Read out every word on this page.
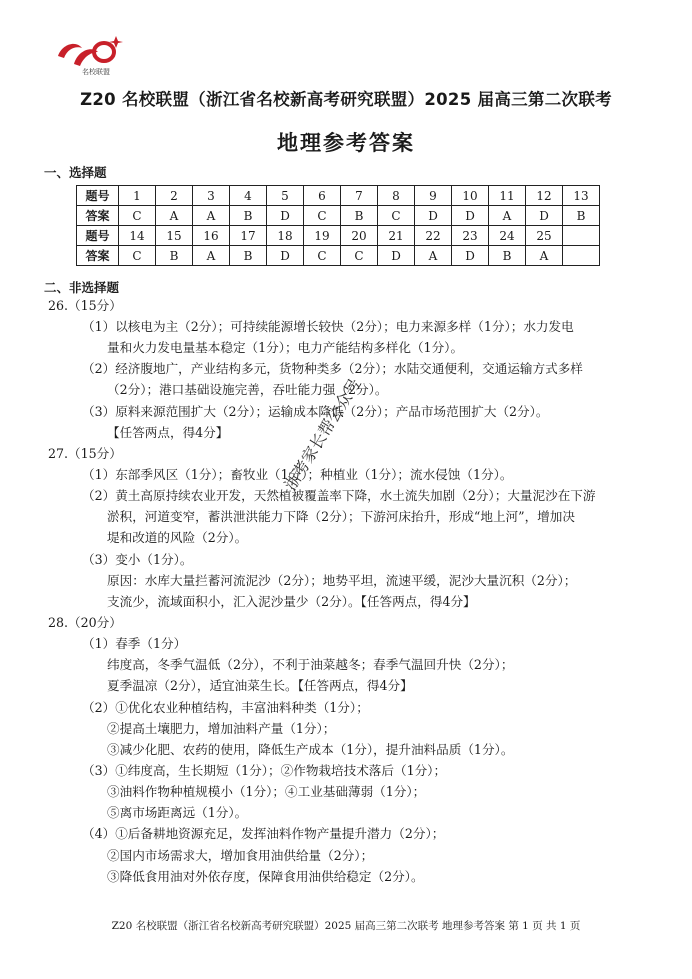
名校联盟
Z20 名校联盟（浙江省名校新高考研究联盟）2025 届高三第二次联考
地理参考答案
一、选择题
题号	1	2	3	4	5	6	7	8	9	10	11	12	13
答案	C	A	A	B	D	C	B	C	D	D	A	D	B
题号	14	15	16	17	18	19	20	21	22	23	24	25	
答案	C	B	A	B	D	C	C	D	A	D	B	A	
二、非选择题
26.（15分）
（1）以核电为主（2分）；可持续能源增长较快（2分）；电力来源多样（1分）；水力发电
量和火力发电量基本稳定（1分）；电力产能结构多样化（1分）。
（2）经济腹地广，产业结构多元，货物种类多（2分）；水陆交通便利，交通运输方式多样
（2分）；港口基础设施完善，吞吐能力强（2分）。
（3）原料来源范围扩大（2分）；运输成本降低（2分）；产品市场范围扩大（2分）。
【任答两点，得4分】
27.（15分）
（1）东部季风区（1分）；畜牧业（1分）；种植业（1分）；流水侵蚀（1分）。
（2）黄土高原持续农业开发，天然植被覆盖率下降，水土流失加剧（2分）；大量泥沙在下游
淤积，河道变窄，蓄洪泄洪能力下降（2分）；下游河床抬升，形成“地上河”，增加决
堤和改道的风险（2分）。
（3）变小（1分）。
原因：水库大量拦蓄河流泥沙（2分）；地势平坦，流速平缓，泥沙大量沉积（2分）；
支流少，流域面积小，汇入泥沙量少（2分）。【任答两点，得4分】
28.（20分）
（1）春季（1分）
纬度高，冬季气温低（2分），不利于油菜越冬；春季气温回升快（2分）；
夏季温凉（2分），适宜油菜生长。【任答两点，得4分】
（2）①优化农业种植结构，丰富油料种类（1分）；
②提高土壤肥力，增加油料产量（1分）；
③减少化肥、农药的使用，降低生产成本（1分），提升油料品质（1分）。
（3）①纬度高，生长期短（1分）；②作物栽培技术落后（1分）；
③油料作物种植规模小（1分）；④工业基础薄弱（1分）；
⑤离市场距离远（1分）。
（4）①后备耕地资源充足，发挥油料作物产量提升潜力（2分）；
②国内市场需求大，增加食用油供给量（2分）；
③降低食用油对外依存度，保障食用油供给稳定（2分）。
浙考家长帮公众号
Z20 名校联盟（浙江省名校新高考研究联盟）2025 届高三第二次联考 地理参考答案 第 1 页 共 1 页
